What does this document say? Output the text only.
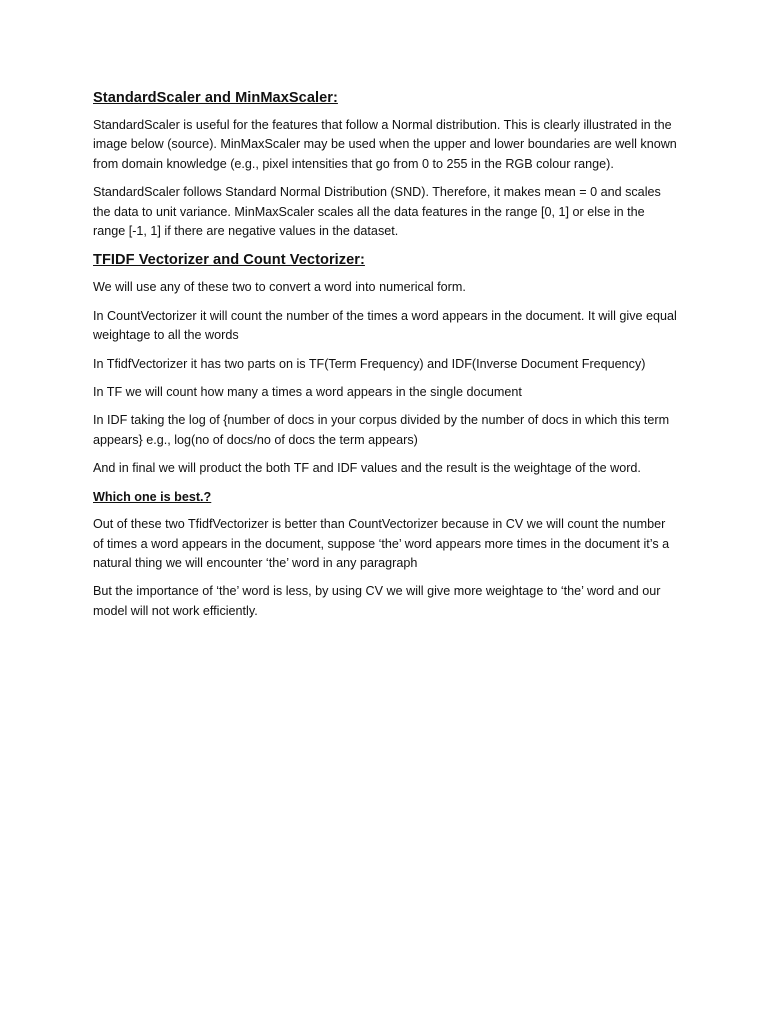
StandardScaler and MinMaxScaler:

StandardScaler is useful for the features that follow a Normal distribution. This is clearly illustrated in the image below (source). MinMaxScaler may be used when the upper and lower boundaries are well known from domain knowledge (e.g., pixel intensities that go from 0 to 255 in the RGB colour range).

StandardScaler follows Standard Normal Distribution (SND). Therefore, it makes mean = 0 and scales the data to unit variance. MinMaxScaler scales all the data features in the range [0, 1] or else in the range [-1, 1] if there are negative values in the dataset.

TFIDF Vectorizer and Count Vectorizer:

We will use any of these two to convert a word into numerical form.

In CountVectorizer it will count the number of the times a word appears in the document. It will give equal weightage to all the words

In TfidfVectorizer it has two parts on is TF(Term Frequency) and IDF(Inverse Document Frequency)

In TF we will count how many a times a word appears in the single document

In IDF taking the log of {number of docs in your corpus divided by the number of docs in which this term appears} e.g., log(no of docs/no of docs the term appears)

And in final we will product the both TF and IDF values and the result is the weightage of the word.

Which one is best.?

Out of these two TfidfVectorizer is better than CountVectorizer because in CV we will count the number of times a word appears in the document, suppose ‘the’ word appears more times in the document it’s a natural thing we will encounter ‘the’ word in any paragraph

But the importance of ‘the’ word is less, by using CV we will give more weightage to ‘the’ word and our model will not work efficiently.
